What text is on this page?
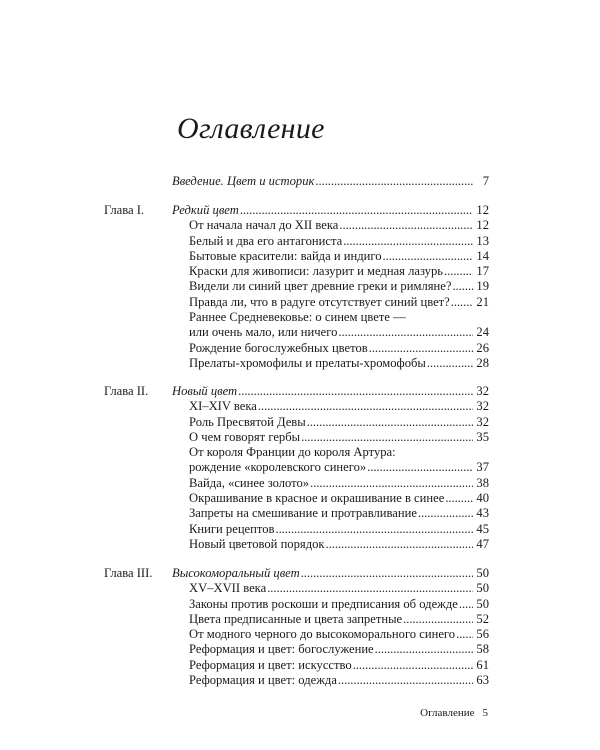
Оглавление
Введение. Цвет и историк . . .	7
Глава I. Редкий цвет . . .	12
От начала начал до XII века . . .	12
Белый и два его антагониста . . .	13
Бытовые красители: вайда и индиго . . .	14
Краски для живописи: лазурит и медная лазурь . . .	17
Видели ли синий цвет древние греки и римляне? . . . 19
Правда ли, что в радуге отсутствует синий цвет? . . . 21
Раннее Средневековье: о синем цвете —
или очень мало, или ничего . . .	24
Рождение богослужебных цветов . . .	26
Прелаты-хромофилы и прелаты-хромофобы . . .	28
Глава II. Новый цвет . . .	32
XI–XIV века . . .	32
Роль Пресвятой Девы . . .	32
О чем говорят гербы . . .	35
От короля Франции до короля Артура:
рождение «королевского синего» . . .	37
Вайда, «синее золото» . . .	38
Окрашивание в красное и окрашивание в синее . . .	40
Запреты на смешивание и протравливание . . .	43
Книги рецептов . . .	45
Новый цветовой порядок . . .	47
Глава III. Высокоморальный цвет . . .	50
XV–XVII века . . .	50
Законы против роскоши и предписания об одежде . . . 50
Цвета предписанные и цвета запретные . . .	52
От модного черного до высокоморального синего . . . 56
Реформация и цвет: богослужение . . .	58
Реформация и цвет: искусство . . .	61
Реформация и цвет: одежда . . .	63
Оглавление 5
